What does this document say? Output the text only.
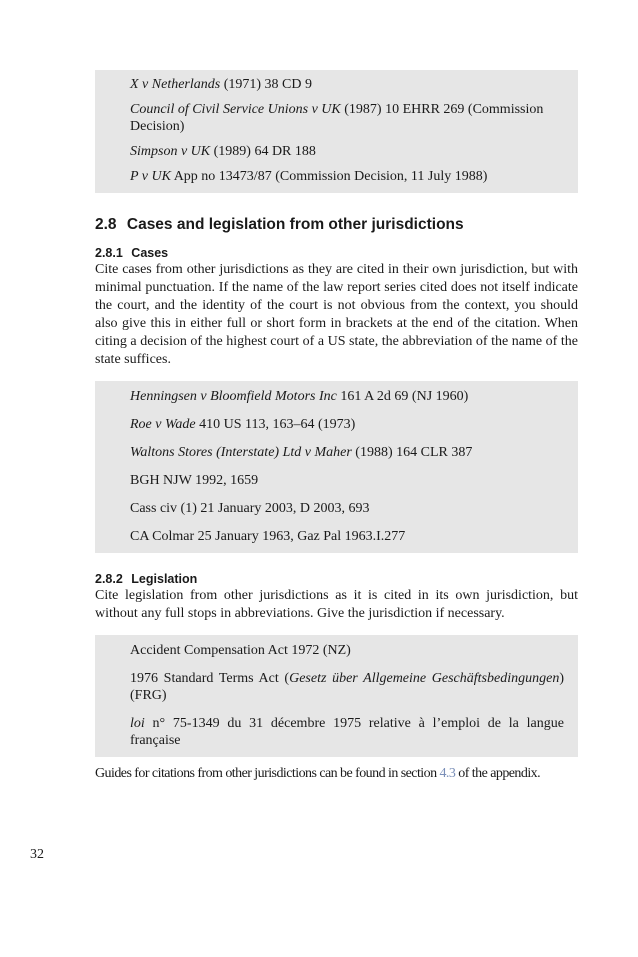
X v Netherlands (1971) 38 CD 9

Council of Civil Service Unions v UK (1987) 10 EHRR 269 (Commission Decision)

Simpson v UK (1989) 64 DR 188

P v UK App no 13473/87 (Commission Decision, 11 July 1988)

2.8 Cases and legislation from other jurisdictions
2.8.1 Cases

Cite cases from other jurisdictions as they are cited in their own jurisdiction, but with minimal punctuation. If the name of the law report series cited does not itself indicate the court, and the identity of the court is not obvious from the context, you should also give this in either full or short form in brackets at the end of the citation. When citing a decision of the highest court of a US state, the abbreviation of the name of the state suffices.

Henningsen v Bloomfield Motors Inc 161 A 2d 69 (NJ 1960)

Roe v Wade 410 US 113, 163–64 (1973)

Waltons Stores (Interstate) Ltd v Maher (1988) 164 CLR 387

BGH NJW 1992, 1659

Cass civ (1) 21 January 2003, D 2003, 693

CA Colmar 25 January 1963, Gaz Pal 1963.I.277

2.8.2 Legislation

Cite legislation from other jurisdictions as it is cited in its own jurisdiction, but without any full stops in abbreviations. Give the jurisdiction if necessary.

Accident Compensation Act 1972 (NZ)

1976 Standard Terms Act (Gesetz über Allgemeine Geschäftsbedingungen) (FRG)

loi n° 75-1349 du 31 décembre 1975 relative à l’emploi de la langue française

Guides for citations from other jurisdictions can be found in section 4.3 of the appendix.

32
